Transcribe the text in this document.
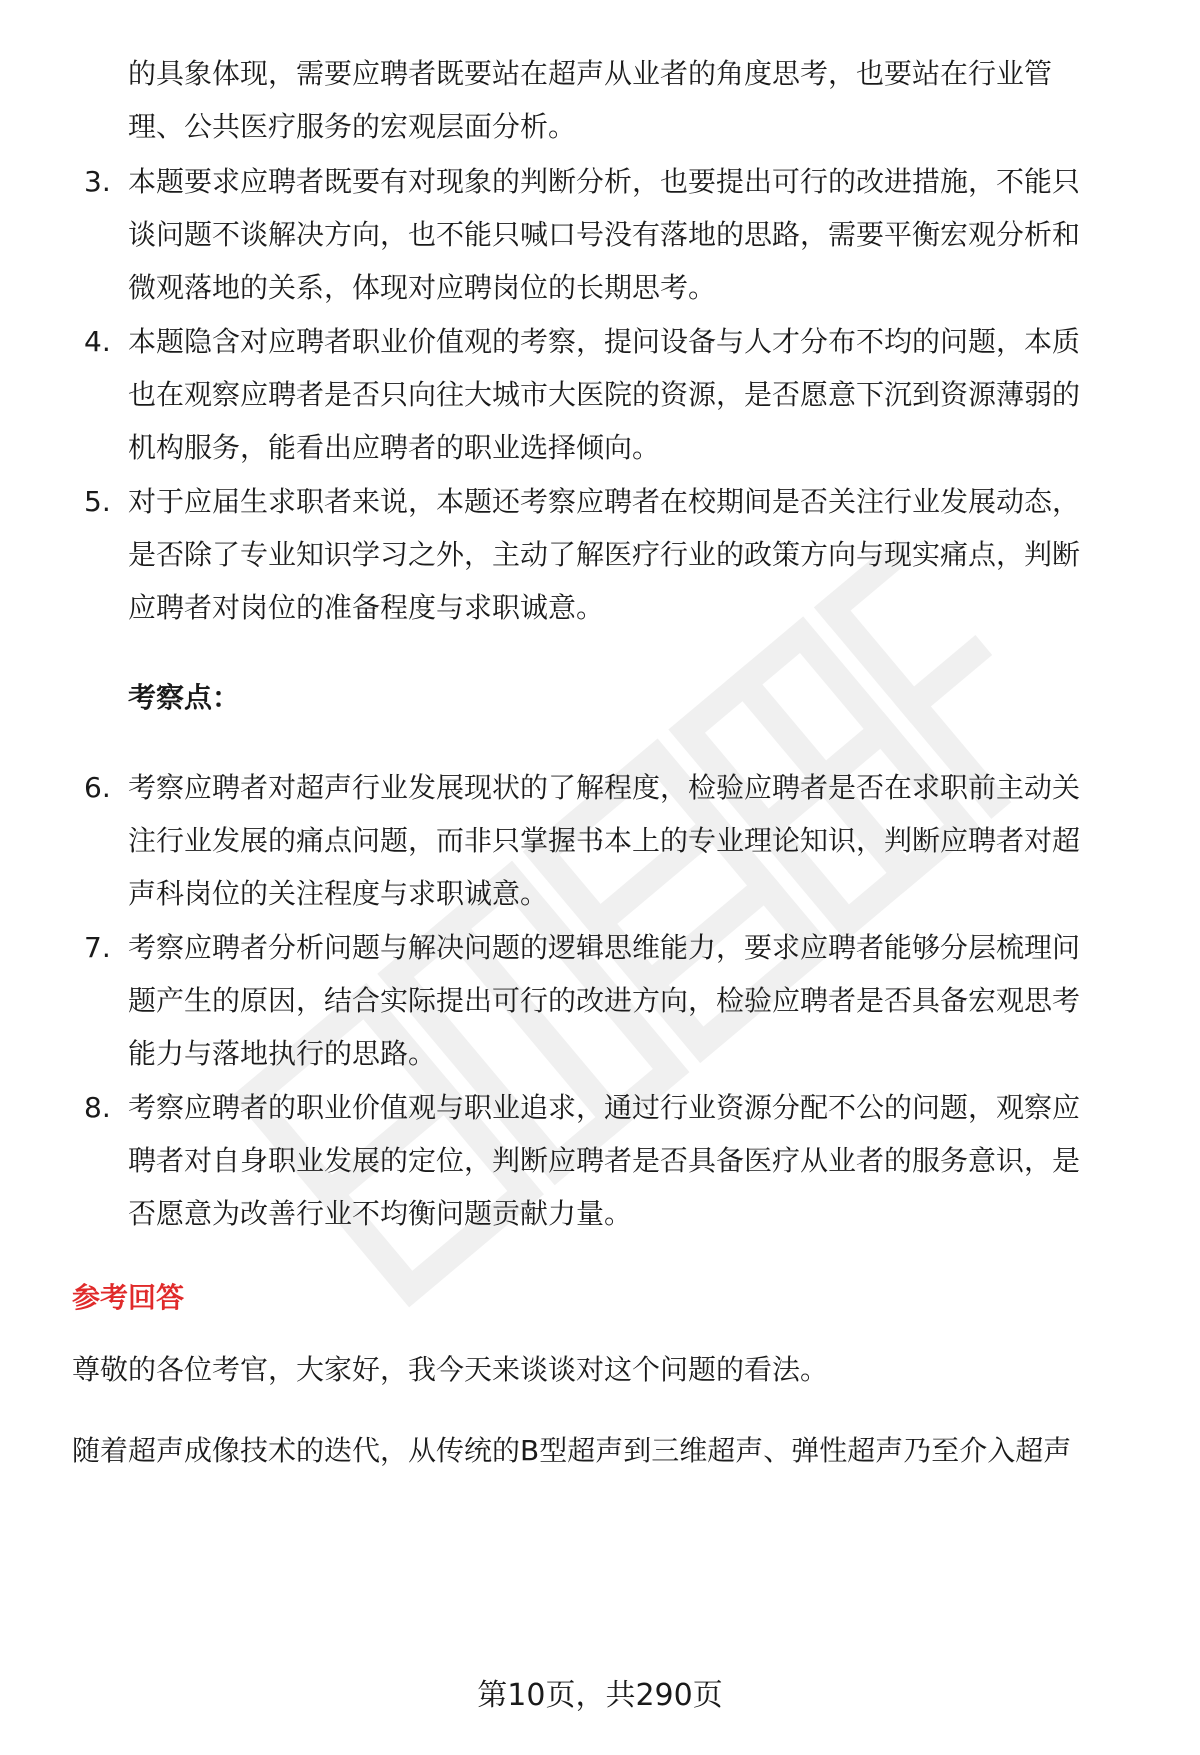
的具象体现，需要应聘者既要站在超声从业者的角度思考，也要站在行业管
理、公共医疗服务的宏观层面分析。
3. 本题要求应聘者既要有对现象的判断分析，也要提出可行的改进措施，不能只
谈问题不谈解决方向，也不能只喊口号没有落地的思路，需要平衡宏观分析和
微观落地的关系，体现对应聘岗位的长期思考。
4. 本题隐含对应聘者职业价值观的考察，提问设备与人才分布不均的问题，本质
也在观察应聘者是否只向往大城市大医院的资源，是否愿意下沉到资源薄弱的
机构服务，能看出应聘者的职业选择倾向。
5. 对于应届生求职者来说，本题还考察应聘者在校期间是否关注行业发展动态，
是否除了专业知识学习之外，主动了解医疗行业的政策方向与现实痛点，判断
应聘者对岗位的准备程度与求职诚意。
考察点：
6. 考察应聘者对超声行业发展现状的了解程度，检验应聘者是否在求职前主动关
注行业发展的痛点问题，而非只掌握书本上的专业理论知识，判断应聘者对超
声科岗位的关注程度与求职诚意。
7. 考察应聘者分析问题与解决问题的逻辑思维能力，要求应聘者能够分层梳理问
题产生的原因，结合实际提出可行的改进方向，检验应聘者是否具备宏观思考
能力与落地执行的思路。
8. 考察应聘者的职业价值观与职业追求，通过行业资源分配不公的问题，观察应
聘者对自身职业发展的定位，判断应聘者是否具备医疗从业者的服务意识，是
否愿意为改善行业不均衡问题贡献力量。
参考回答
尊敬的各位考官，大家好，我今天来谈谈对这个问题的看法。
随着超声成像技术的迭代，从传统的B型超声到三维超声、弹性超声乃至介入超声
第10页，共290页
